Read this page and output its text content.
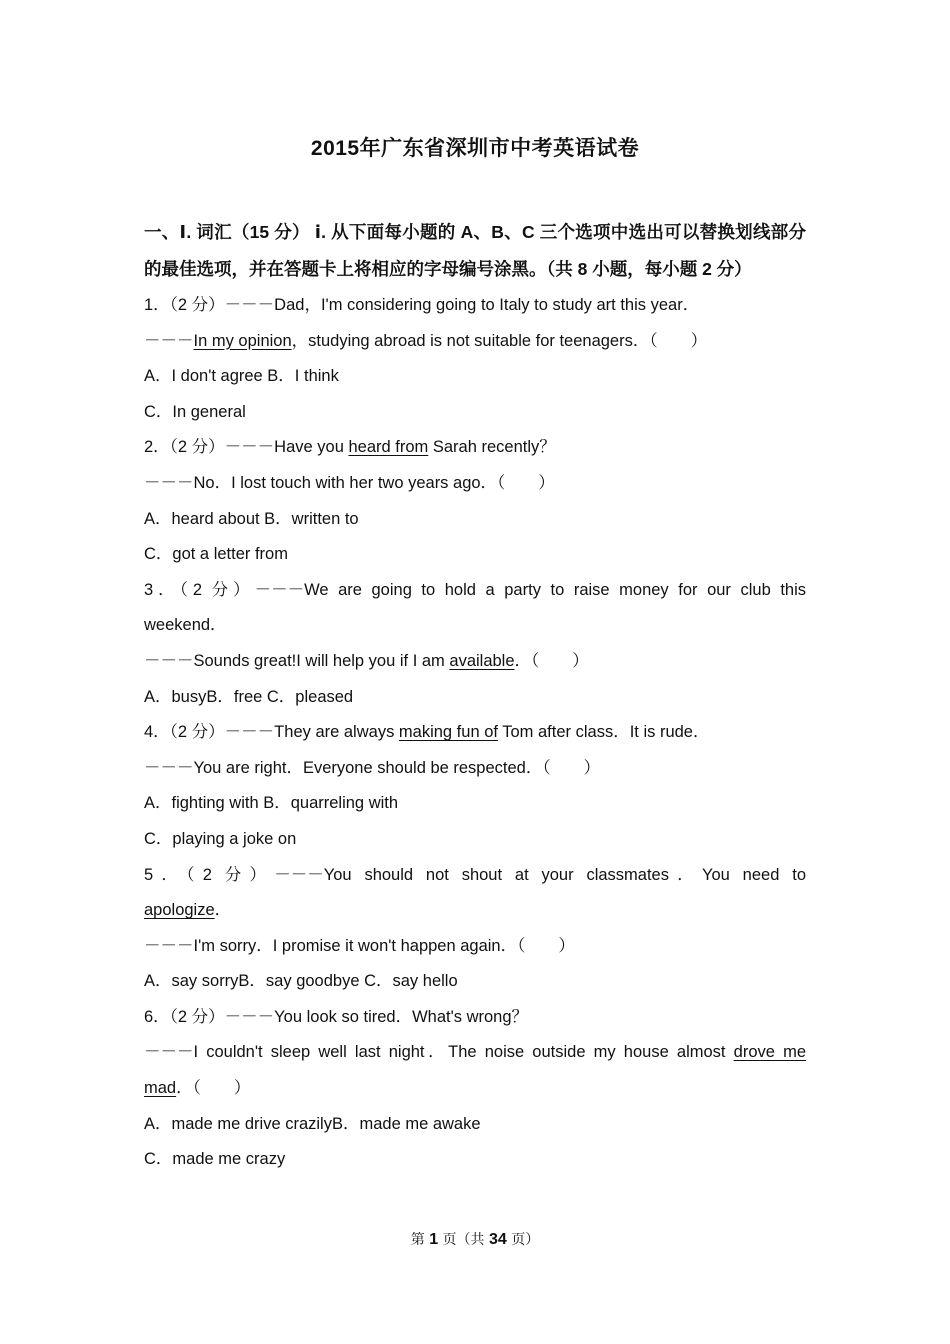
2015年广东省深圳市中考英语试卷
一、Ⅰ. 词汇（15 分） ⅰ. 从下面每小题的 A、B、C 三个选项中选出可以替换划线部分的最佳选项，并在答题卡上将相应的字母编号涂黑。（共 8 小题，每小题 2 分）
1．（2 分）－－－Dad，I'm considering going to Italy to study art this year．
－－－In my opinion，studying abroad is not suitable for teenagers．（　　）
A．I don't agree B．I think
C．In general
2．（2 分）－－－Have you heard from Sarah recently？
－－－No．I lost touch with her two years ago．（　　）
A．heard about B．written to
C．got a letter from
3．（2 分）－－－We are going to hold a party to raise money for our club this
weekend．
－－－Sounds great!I will help you if I am available．（　　）
A．busyB．free C．pleased
4．（2 分）－－－They are always making fun of Tom after class．It is rude．
－－－You are right．Everyone should be respected．（　　）
A．fighting with B．quarreling with
C．playing a joke on
5．（2 分）－－－You should not shout at your classmates．You need to
apologize．
－－－I'm sorry．I promise it won't happen again．（　　）
A．say sorryB．say goodbye C．say hello
6．（2 分）－－－You look so tired．What's wrong？
－－－I couldn't sleep well last night．The noise outside my house almost drove me
mad．（　　）
A．made me drive crazilyB．made me awake
C．made me crazy
第 1 页（共 34 页）
